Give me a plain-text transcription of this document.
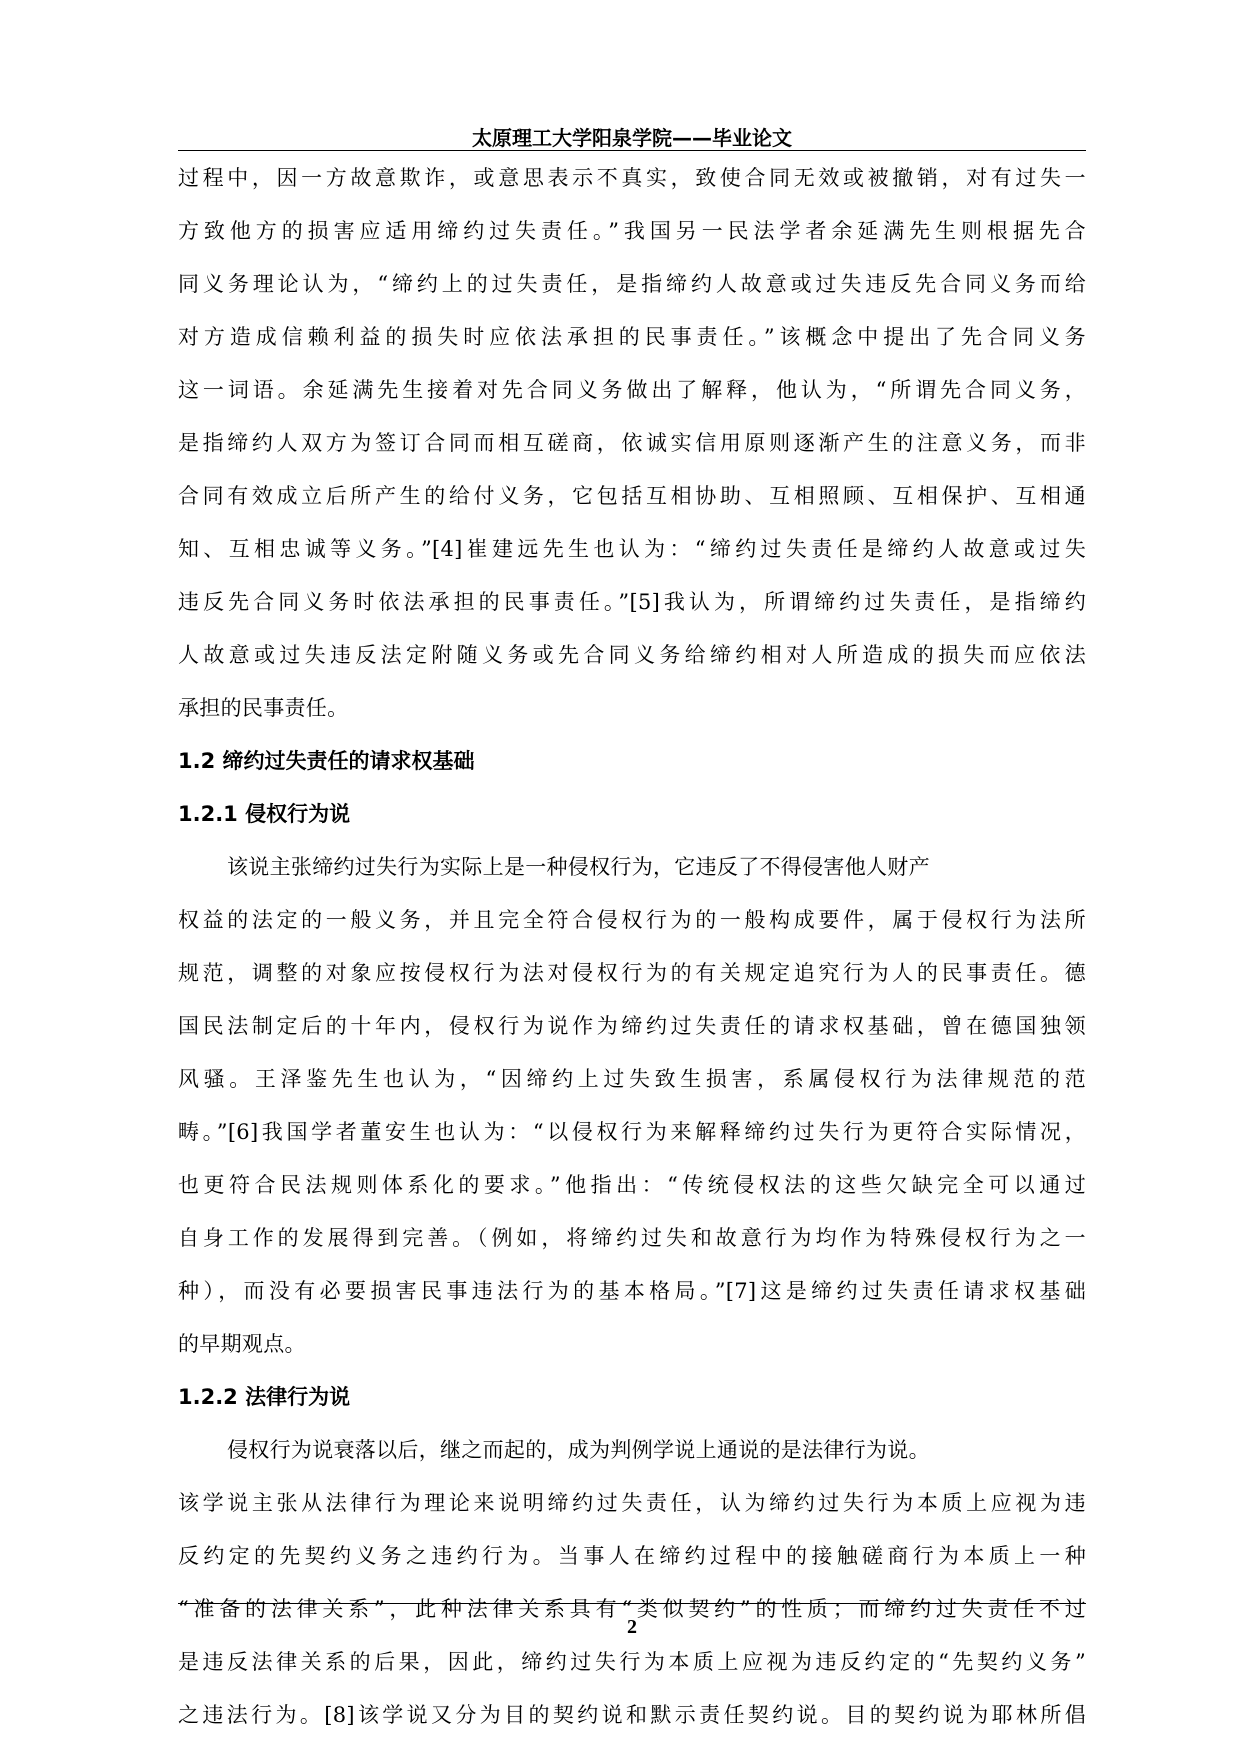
太原理工大学阳泉学院——毕业论文
过程中，因一方故意欺诈，或意思表示不真实，致使合同无效或被撤销，对有过失一
方致他方的损害应适用缔约过失责任。”我国另一民法学者余延满先生则根据先合
同义务理论认为，“缔约上的过失责任，是指缔约人故意或过失违反先合同义务而给
对方造成信赖利益的损失时应依法承担的民事责任。”该概念中提出了先合同义务
这一词语。余延满先生接着对先合同义务做出了解释，他认为，“所谓先合同义务，
是指缔约人双方为签订合同而相互磋商，依诚实信用原则逐渐产生的注意义务，而非
合同有效成立后所产生的给付义务，它包括互相协助、互相照顾、互相保护、互相通
知、互相忠诚等义务。”[4]崔建远先生也认为：“缔约过失责任是缔约人故意或过失
违反先合同义务时依法承担的民事责任。”[5]我认为，所谓缔约过失责任，是指缔约
人故意或过失违反法定附随义务或先合同义务给缔约相对人所造成的损失而应依法
承担的民事责任。
1.2 缔约过失责任的请求权基础
1.2.1 侵权行为说
该说主张缔约过失行为实际上是一种侵权行为，它违反了不得侵害他人财产
权益的法定的一般义务，并且完全符合侵权行为的一般构成要件，属于侵权行为法所
规范，调整的对象应按侵权行为法对侵权行为的有关规定追究行为人的民事责任。德
国民法制定后的十年内，侵权行为说作为缔约过失责任的请求权基础，曾在德国独领
风骚。王泽鉴先生也认为，“因缔约上过失致生损害，系属侵权行为法律规范的范
畴。”[6]我国学者董安生也认为：“以侵权行为来解释缔约过失行为更符合实际情况，
也更符合民法规则体系化的要求。”他指出：“传统侵权法的这些欠缺完全可以通过
自身工作的发展得到完善。（例如，将缔约过失和故意行为均作为特殊侵权行为之一
种），而没有必要损害民事违法行为的基本格局。”[7]这是缔约过失责任请求权基础
的早期观点。
1.2.2 法律行为说
侵权行为说衰落以后，继之而起的，成为判例学说上通说的是法律行为说。
该学说主张从法律行为理论来说明缔约过失责任，认为缔约过失行为本质上应视为违
反约定的先契约义务之违约行为。当事人在缔约过程中的接触磋商行为本质上一种
“准备的法律关系”，此种法律关系具有“类似契约”的性质；而缔约过失责任不过
是违反法律关系的后果，因此，缔约过失行为本质上应视为违反约定的“先契约义务”
之违法行为。[8]该学说又分为目的契约说和默示责任契约说。目的契约说为耶林所倡
2
